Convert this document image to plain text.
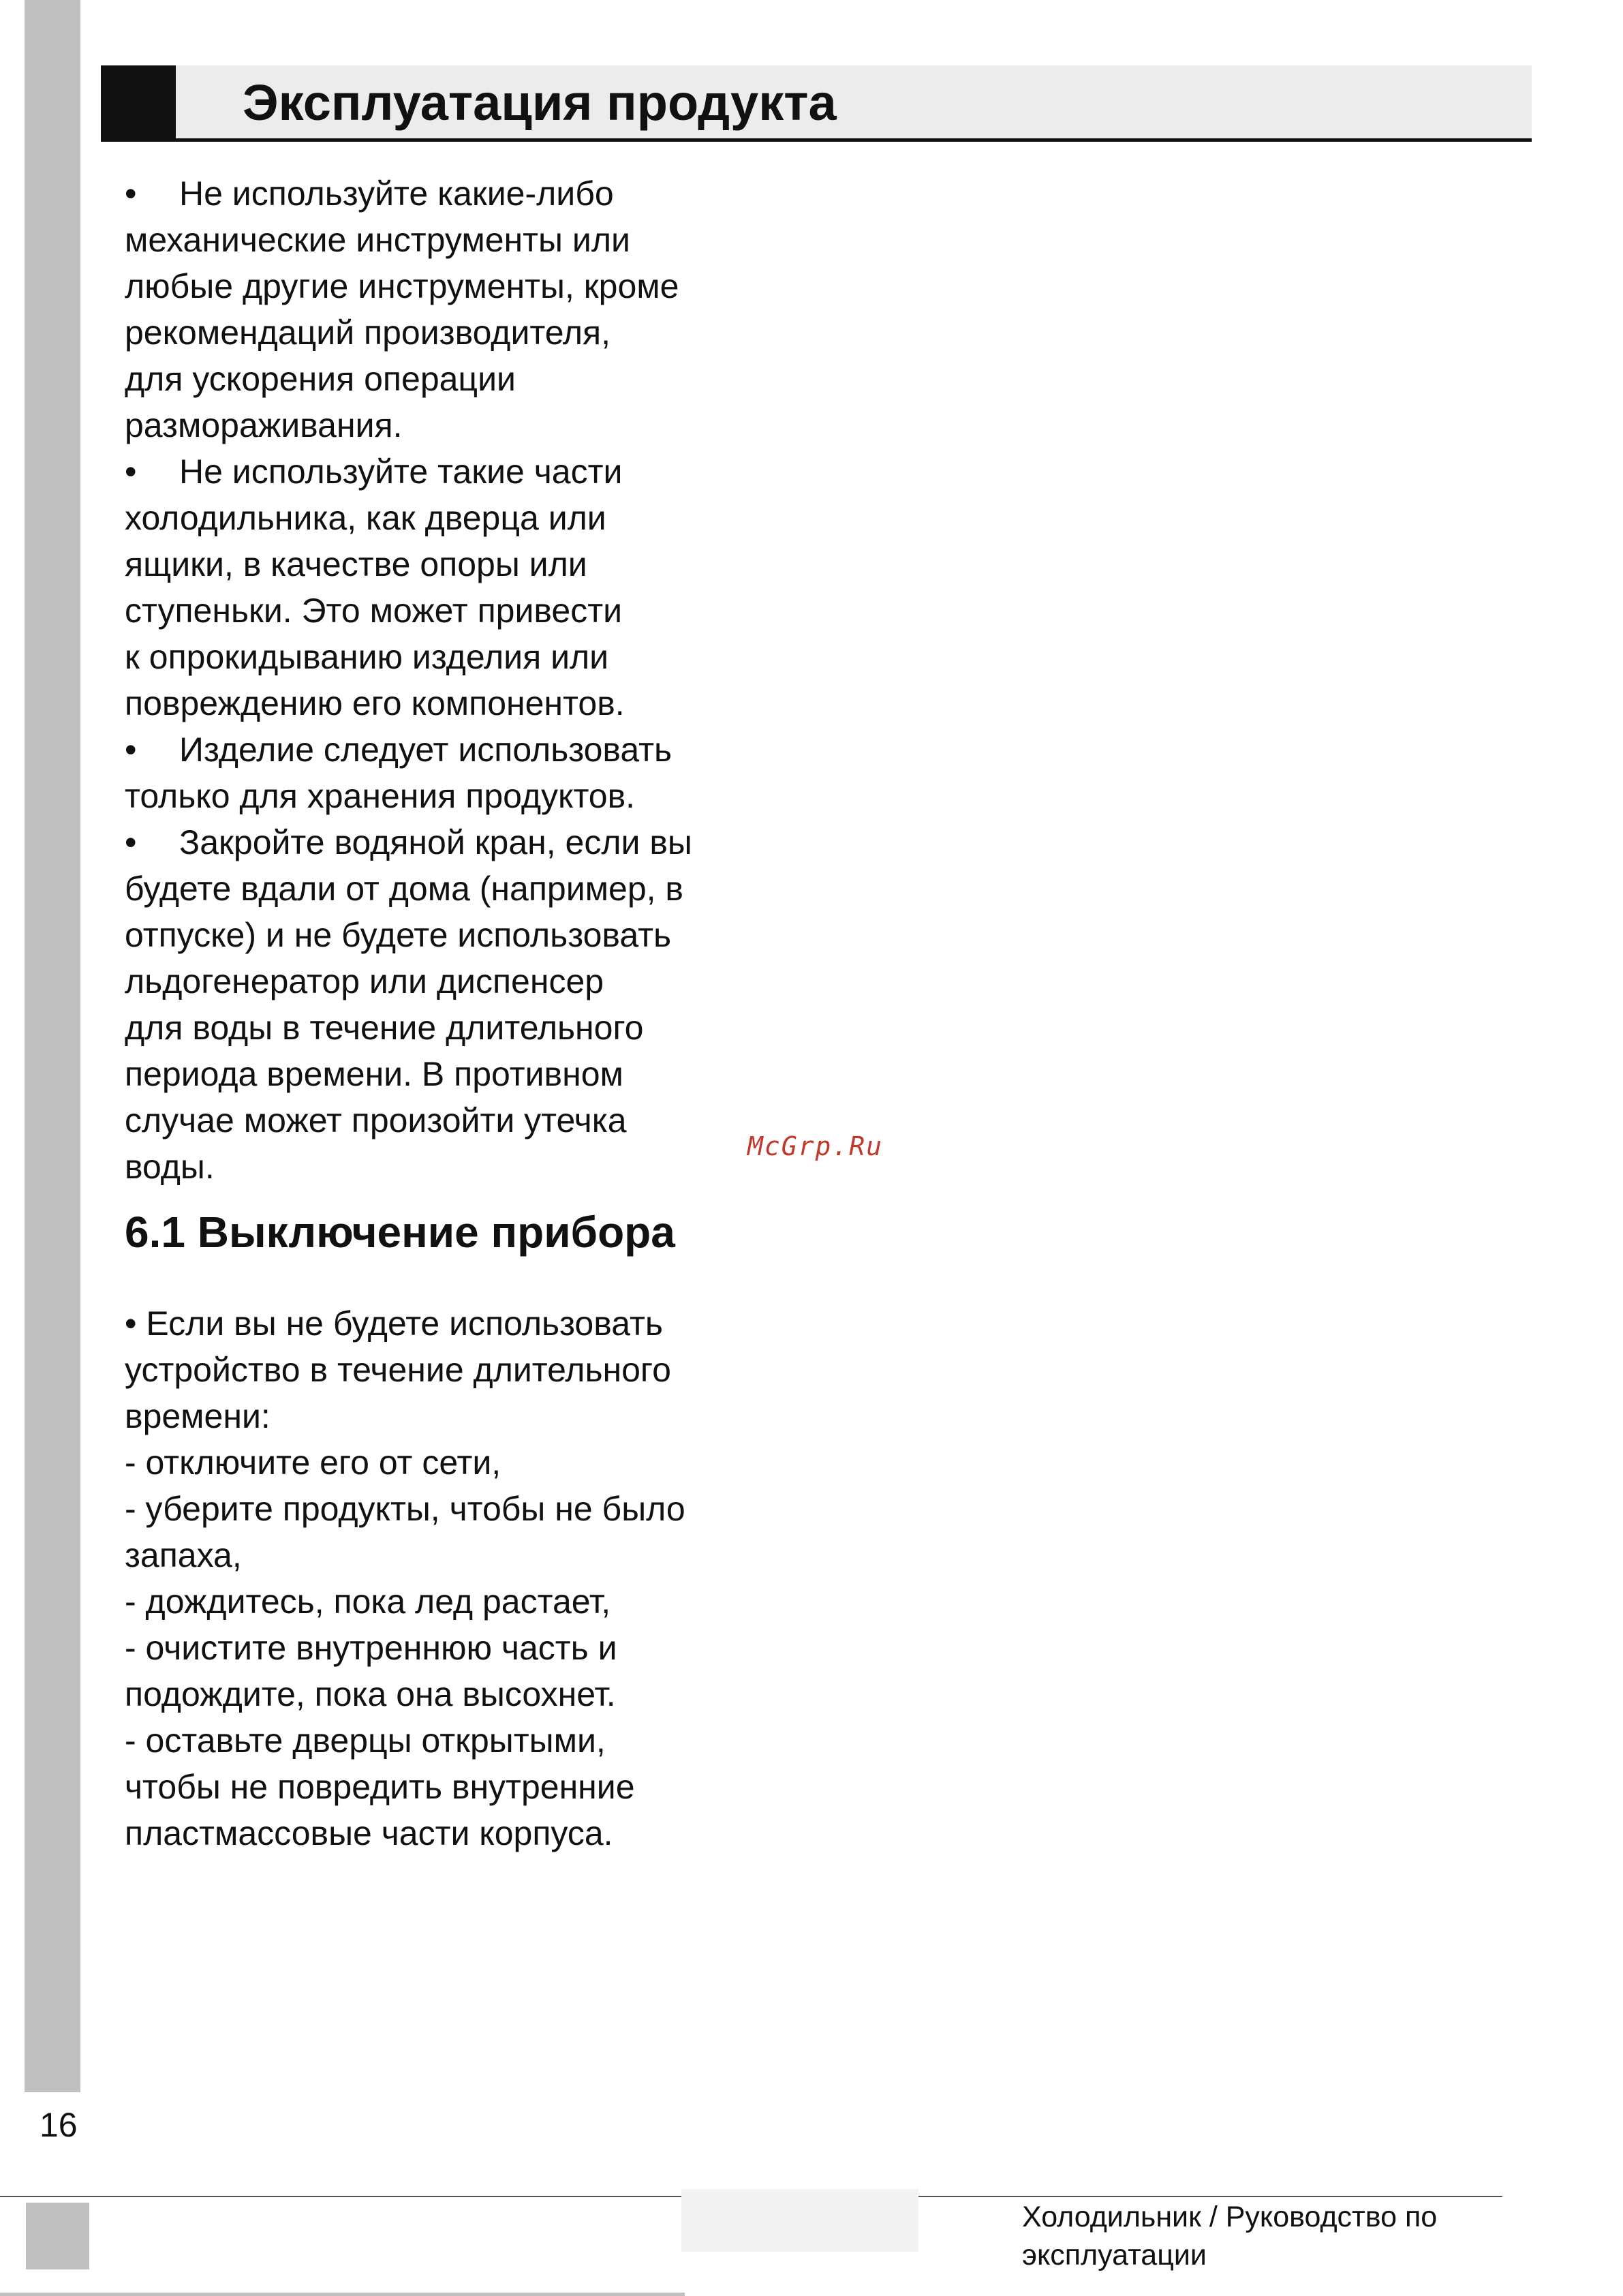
Эксплуатация продукта

• Не используйте какие-либо

механические инструменты или

любые другие инструменты, кроме

рекомендаций производителя,

для ускорения операции

размораживания.

• Не используйте такие части

холодильника, как дверца или

ящики, в качестве опоры или

ступеньки. Это может привести

к опрокидыванию изделия или

повреждению его компонентов.

• Изделие следует использовать

только для хранения продуктов.

• Закройте водяной кран, если вы

будете вдали от дома (например, в

отпуске) и не будете использовать

льдогенератор или диспенсер

для воды в течение длительного

периода времени. В противном

случае может произойти утечка

воды.

6.1 Выключение прибора

• Если вы не будете использовать

устройство в течение длительного

времени:

- отключите его от сети,

- уберите продукты, чтобы не было

запаха,

- дождитесь, пока лед растает,

- очистите внутреннюю часть и

подождите, пока она высохнет.

- оставьте дверцы открытыми,

чтобы не повредить внутренние

пластмассовые части корпуса.

McGrp.Ru
16
Холодильник / Руководство по
эксплуатации
